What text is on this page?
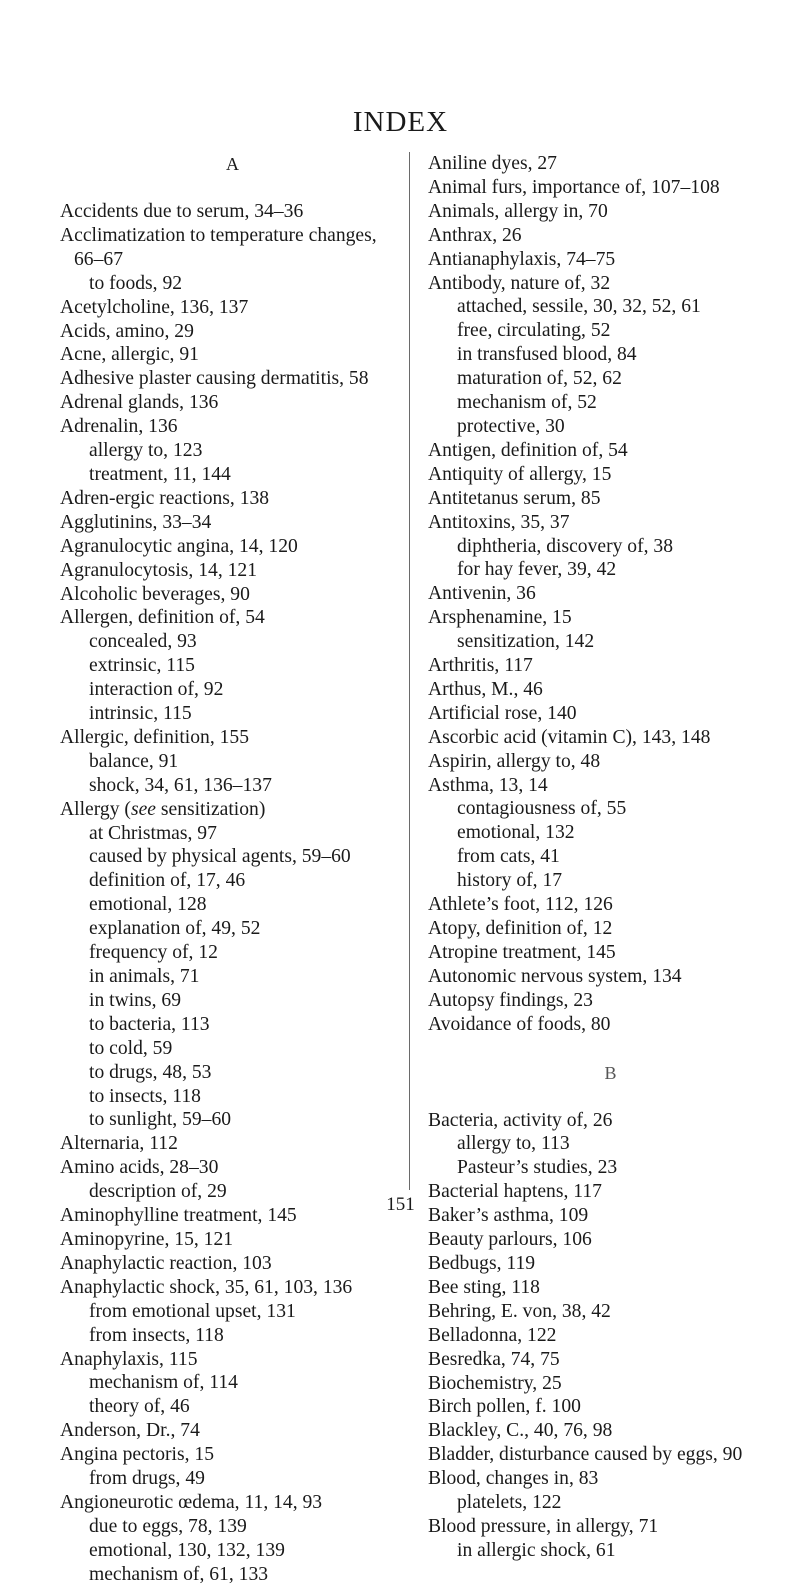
INDEX
A
Accidents due to serum, 34–36
Acclimatization to temperature changes,
66–67
to foods, 92
Acetylcholine, 136, 137
Acids, amino, 29
Acne, allergic, 91
Adhesive plaster causing dermatitis, 58
Adrenal glands, 136
Adrenalin, 136
allergy to, 123
treatment, 11, 144
Adren-ergic reactions, 138
Agglutinins, 33–34
Agranulocytic angina, 14, 120
Agranulocytosis, 14, 121
Alcoholic beverages, 90
Allergen, definition of, 54
concealed, 93
extrinsic, 115
interaction of, 92
intrinsic, 115
Allergic, definition, 155
balance, 91
shock, 34, 61, 136–137
Allergy (see sensitization)
at Christmas, 97
caused by physical agents, 59–60
definition of, 17, 46
emotional, 128
explanation of, 49, 52
frequency of, 12
in animals, 71
in twins, 69
to bacteria, 113
to cold, 59
to drugs, 48, 53
to insects, 118
to sunlight, 59–60
Alternaria, 112
Amino acids, 28–30
description of, 29
Aminophylline treatment, 145
Aminopyrine, 15, 121
Anaphylactic reaction, 103
Anaphylactic shock, 35, 61, 103, 136
from emotional upset, 131
from insects, 118
Anaphylaxis, 115
mechanism of, 114
theory of, 46
Anderson, Dr., 74
Angina pectoris, 15
from drugs, 49
Angioneurotic œdema, 11, 14, 93
due to eggs, 78, 139
emotional, 130, 132, 139
mechanism of, 61, 133
Aniline dyes, 27
Animal furs, importance of, 107–108
Animals, allergy in, 70
Anthrax, 26
Antianaphylaxis, 74–75
Antibody, nature of, 32
attached, sessile, 30, 32, 52, 61
free, circulating, 52
in transfused blood, 84
maturation of, 52, 62
mechanism of, 52
protective, 30
Antigen, definition of, 54
Antiquity of allergy, 15
Antitetanus serum, 85
Antitoxins, 35, 37
diphtheria, discovery of, 38
for hay fever, 39, 42
Antivenin, 36
Arsphenamine, 15
sensitization, 142
Arthritis, 117
Arthus, M., 46
Artificial rose, 140
Ascorbic acid (vitamin C), 143, 148
Aspirin, allergy to, 48
Asthma, 13, 14
contagiousness of, 55
emotional, 132
from cats, 41
history of, 17
Athlete’s foot, 112, 126
Atopy, definition of, 12
Atropine treatment, 145
Autonomic nervous system, 134
Autopsy findings, 23
Avoidance of foods, 80
B
Bacteria, activity of, 26
allergy to, 113
Pasteur’s studies, 23
Bacterial haptens, 117
Baker’s asthma, 109
Beauty parlours, 106
Bedbugs, 119
Bee sting, 118
Behring, E. von, 38, 42
Belladonna, 122
Besredka, 74, 75
Biochemistry, 25
Birch pollen, f. 100
Blackley, C., 40, 76, 98
Bladder, disturbance caused by eggs, 90
Blood, changes in, 83
platelets, 122
Blood pressure, in allergy, 71
in allergic shock, 61
151
